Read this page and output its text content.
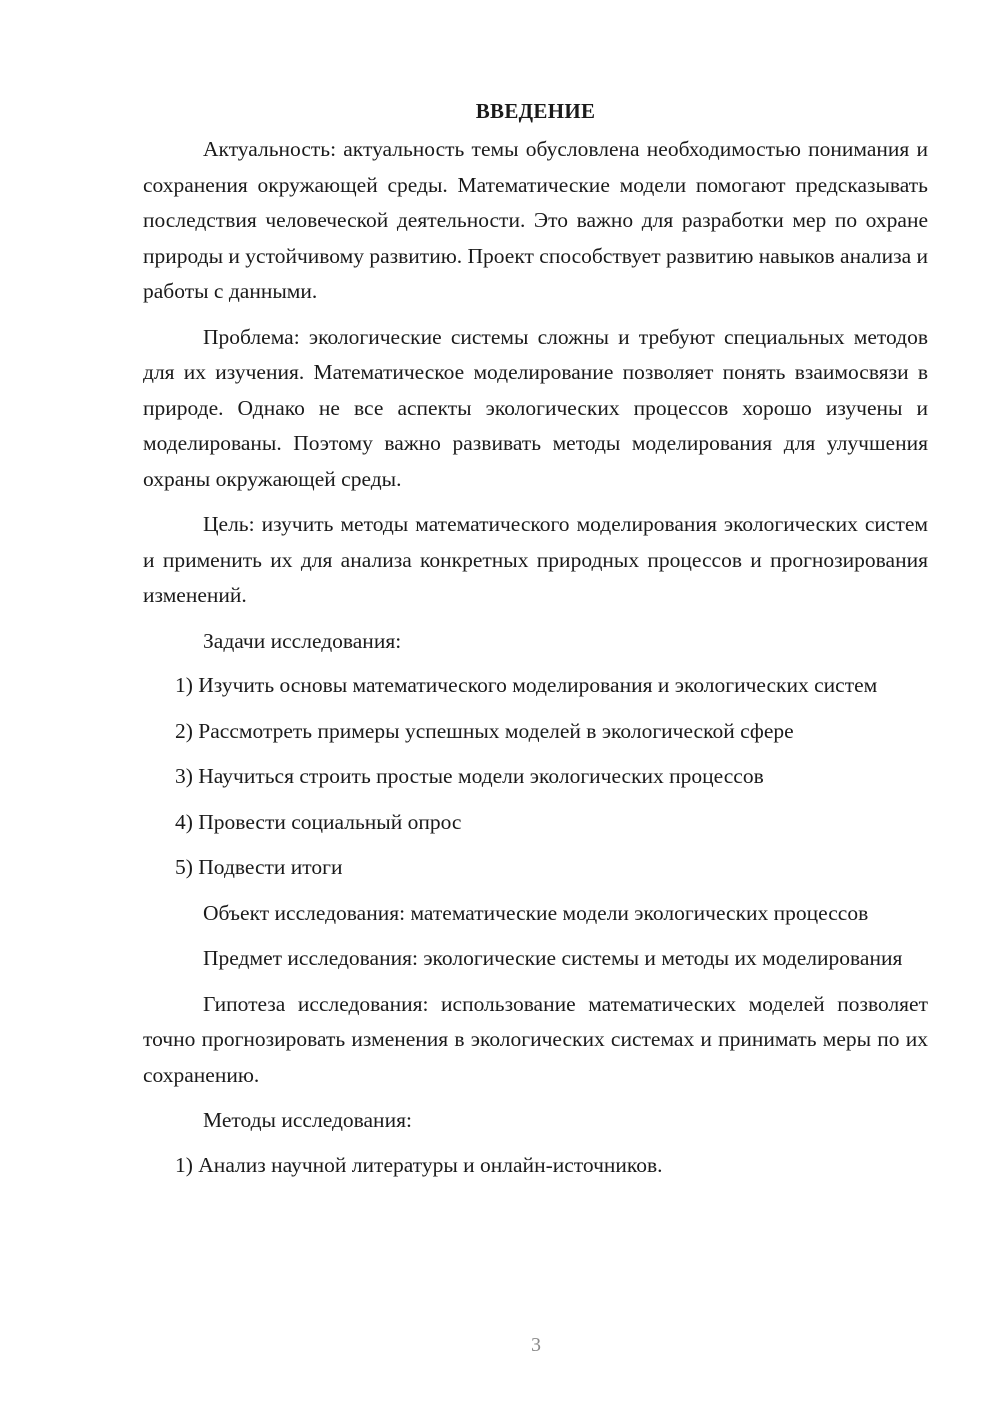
ВВЕДЕНИЕ

Актуальность: актуальность темы обусловлена необходимостью понимания и сохранения окружающей среды. Математические модели помогают предсказывать последствия человеческой деятельности. Это важно для разработки мер по охране природы и устойчивому развитию. Проект способствует развитию навыков анализа и работы с данными.

Проблема: экологические системы сложны и требуют специальных методов для их изучения. Математическое моделирование позволяет понять взаимосвязи в природе. Однако не все аспекты экологических процессов хорошо изучены и моделированы. Поэтому важно развивать методы моделирования для улучшения охраны окружающей среды.

Цель: изучить методы математического моделирования экологических систем и применить их для анализа конкретных природных процессов и прогнозирования изменений.

Задачи исследования:

1) Изучить основы математического моделирования и экологических систем

2) Рассмотреть примеры успешных моделей в экологической сфере

3) Научиться строить простые модели экологических процессов

4) Провести социальный опрос

5) Подвести итоги

Объект исследования: математические модели экологических процессов

Предмет исследования: экологические системы и методы их моделирования

Гипотеза исследования: использование математических моделей позволяет точно прогнозировать изменения в экологических системах и принимать меры по их сохранению.

Методы исследования:

1) Анализ научной литературы и онлайн-источников.

3
